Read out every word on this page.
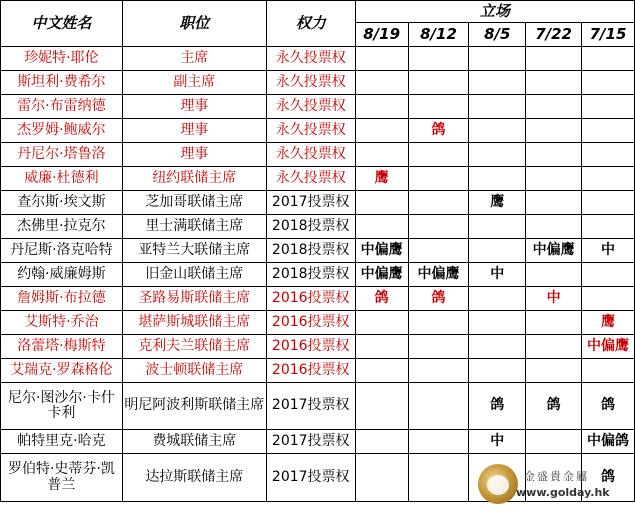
中文姓名	职位	权力	立场				
			8/19	8/12	8/5	7/22	7/15
珍妮特·耶伦	主席	永久投票权					
斯坦利·费希尔	副主席	永久投票权					
雷尔·布雷纳德	理事	永久投票权					
杰罗姆·鲍威尔	理事	永久投票权		鸽			
丹尼尔·塔鲁洛	理事	永久投票权					
威廉·杜德利	纽约联储主席	永久投票权	鹰				
查尔斯·埃文斯	芝加哥联储主席	2017投票权			鹰		
杰佛里·拉克尔	里士满联储主席	2018投票权					
丹尼斯·洛克哈特	亚特兰大联储主席	2018投票权	中偏鹰			中偏鹰	中
约翰·威廉姆斯	旧金山联储主席	2018投票权	中偏鹰	中偏鹰	中		
詹姆斯·布拉德	圣路易斯联储主席	2016投票权	鸽	鸽		中	
艾斯特·乔治	堪萨斯城联储主席	2016投票权					鹰
洛蕾塔·梅斯特	克利夫兰联储主席	2016投票权					中偏鹰
艾瑞克·罗森格伦	波士顿联储主席	2016投票权					
尼尔·图沙尔·卡什卡利	明尼阿波利斯联储主席	2017投票权			鸽	鸽	鸽
帕特里克·哈克	费城联储主席	2017投票权			中		中偏鸽
罗伯特·史蒂芬·凯普兰	达拉斯联储主席	2017投票权					鸽
金盛貴金屬
www.golday.hk
